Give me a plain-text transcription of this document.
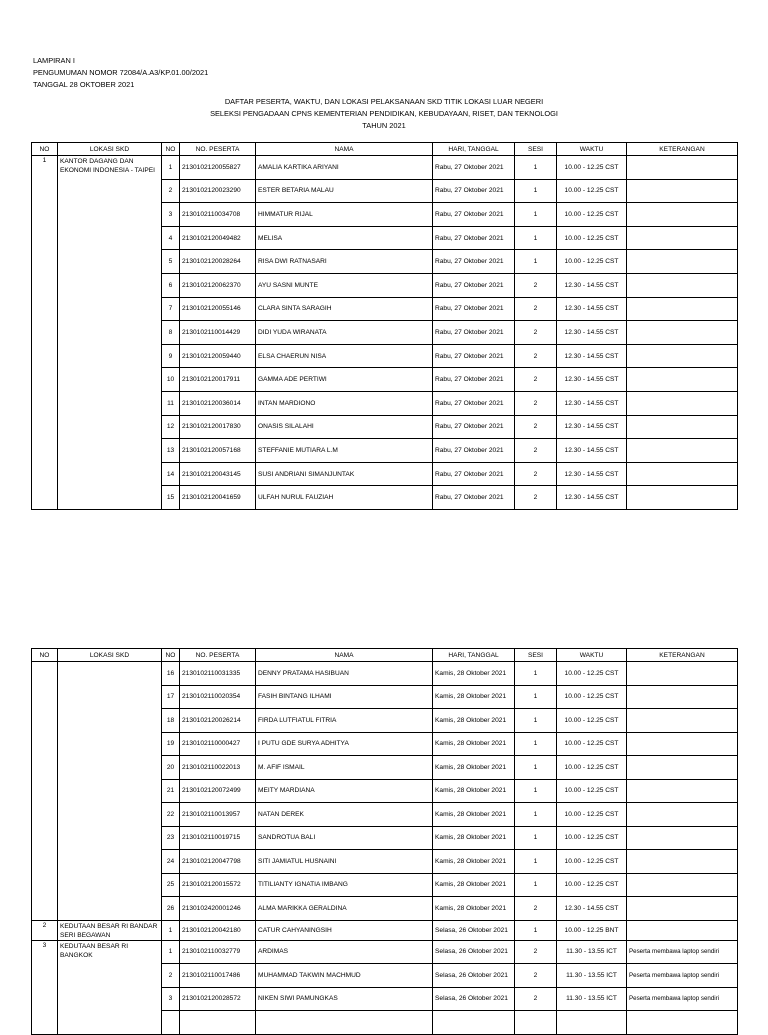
LAMPIRAN I
PENGUMUMAN NOMOR 72084/A.A3/KP.01.00/2021
TANGGAL 28 OKTOBER 2021
DAFTAR PESERTA, WAKTU, DAN LOKASI PELAKSANAAN SKD TITIK LOKASI LUAR NEGERI
SELEKSI PENGADAAN CPNS KEMENTERIAN PENDIDIKAN, KEBUDAYAAN, RISET, DAN TEKNOLOGI
TAHUN 2021
NO	LOKASI SKD	NO	NO. PESERTA	NAMA	HARI, TANGGAL	SESI	WAKTU	KETERANGAN
1	KANTOR DAGANG DAN EKONOMI INDONESIA - TAIPEI	1	2130102120055827	AMALIA KARTIKA ARIYANI	Rabu, 27 Oktober 2021	1	10.00 - 12.25 CST	
		2	2130102120023290	ESTER BETARIA MALAU	Rabu, 27 Oktober 2021	1	10.00 - 12.25 CST	
		3	2130102110034708	HIMMATUR RIJAL	Rabu, 27 Oktober 2021	1	10.00 - 12.25 CST	
		4	2130102120049482	MELISA	Rabu, 27 Oktober 2021	1	10.00 - 12.25 CST	
		5	2130102120028264	RISA DWI RATNASARI	Rabu, 27 Oktober 2021	1	10.00 - 12.25 CST	
		6	2130102120062370	AYU SASNI MUNTE	Rabu, 27 Oktober 2021	2	12.30 - 14.55 CST	
		7	2130102120055146	CLARA SINTA SARAGIH	Rabu, 27 Oktober 2021	2	12.30 - 14.55 CST	
		8	2130102110014429	DIDI YUDA WIRANATA	Rabu, 27 Oktober 2021	2	12.30 - 14.55 CST	
		9	2130102120059440	ELSA CHAERUN NISA	Rabu, 27 Oktober 2021	2	12.30 - 14.55 CST	
		10	2130102120017911	GAMMA ADE PERTIWI	Rabu, 27 Oktober 2021	2	12.30 - 14.55 CST	
		11	2130102120036014	INTAN MARDIONO	Rabu, 27 Oktober 2021	2	12.30 - 14.55 CST	
		12	2130102120017830	ONASIS SILALAHI	Rabu, 27 Oktober 2021	2	12.30 - 14.55 CST	
		13	2130102120057168	STEFFANIE MUTIARA L.M	Rabu, 27 Oktober 2021	2	12.30 - 14.55 CST	
		14	2130102120043145	SUSI ANDRIANI SIMANJUNTAK	Rabu, 27 Oktober 2021	2	12.30 - 14.55 CST	
		15	2130102120041659	ULFAH NURUL FAUZIAH	Rabu, 27 Oktober 2021	2	12.30 - 14.55 CST	
NO	LOKASI SKD	NO	NO. PESERTA	NAMA	HARI, TANGGAL	SESI	WAKTU	KETERANGAN
		16	2130102110031335	DENNY PRATAMA HASIBUAN	Kamis, 28 Oktober 2021	1	10.00 - 12.25 CST	
		17	2130102110020354	FASIH BINTANG ILHAMI	Kamis, 28 Oktober 2021	1	10.00 - 12.25 CST	
		18	2130102120026214	FIRDA LUTFIATUL FITRIA	Kamis, 28 Oktober 2021	1	10.00 - 12.25 CST	
		19	2130102110000427	I PUTU GDE SURYA ADHITYA	Kamis, 28 Oktober 2021	1	10.00 - 12.25 CST	
		20	2130102110022013	M. AFIF ISMAIL	Kamis, 28 Oktober 2021	1	10.00 - 12.25 CST	
		21	2130102120072499	MEITY MARDIANA	Kamis, 28 Oktober 2021	1	10.00 - 12.25 CST	
		22	2130102110013957	NATAN DEREK	Kamis, 28 Oktober 2021	1	10.00 - 12.25 CST	
		23	2130102110019715	SANDROTUA BALI	Kamis, 28 Oktober 2021	1	10.00 - 12.25 CST	
		24	2130102120047798	SITI JAMIATUL HUSNAINI	Kamis, 28 Oktober 2021	1	10.00 - 12.25 CST	
		25	2130102120015572	TITILIANTY IGNATIA IMBANG	Kamis, 28 Oktober 2021	1	10.00 - 12.25 CST	
		26	2130102420001246	ALMA MARIKKA GERALDINA	Kamis, 28 Oktober 2021	2	12.30 - 14.55 CST	
2	KEDUTAAN BESAR RI BANDAR SERI BEGAWAN	1	2130102120042180	CATUR CAHYANINGSIH	Selasa, 26 Oktober 2021	1	10.00 - 12.25 BNT	
3	KEDUTAAN BESAR RI BANGKOK	1	2130102110032779	ARDIMAS	Selasa, 26 Oktober 2021	2	11.30 - 13.55 ICT	Peserta membawa laptop sendiri
		2	2130102110017486	MUHAMMAD TAKWIN MACHMUD	Selasa, 26 Oktober 2021	2	11.30 - 13.55 ICT	Peserta membawa laptop sendiri
		3	2130102120028572	NIKEN SIWI PAMUNGKAS	Selasa, 26 Oktober 2021	2	11.30 - 13.55 ICT	Peserta membawa laptop sendiri
